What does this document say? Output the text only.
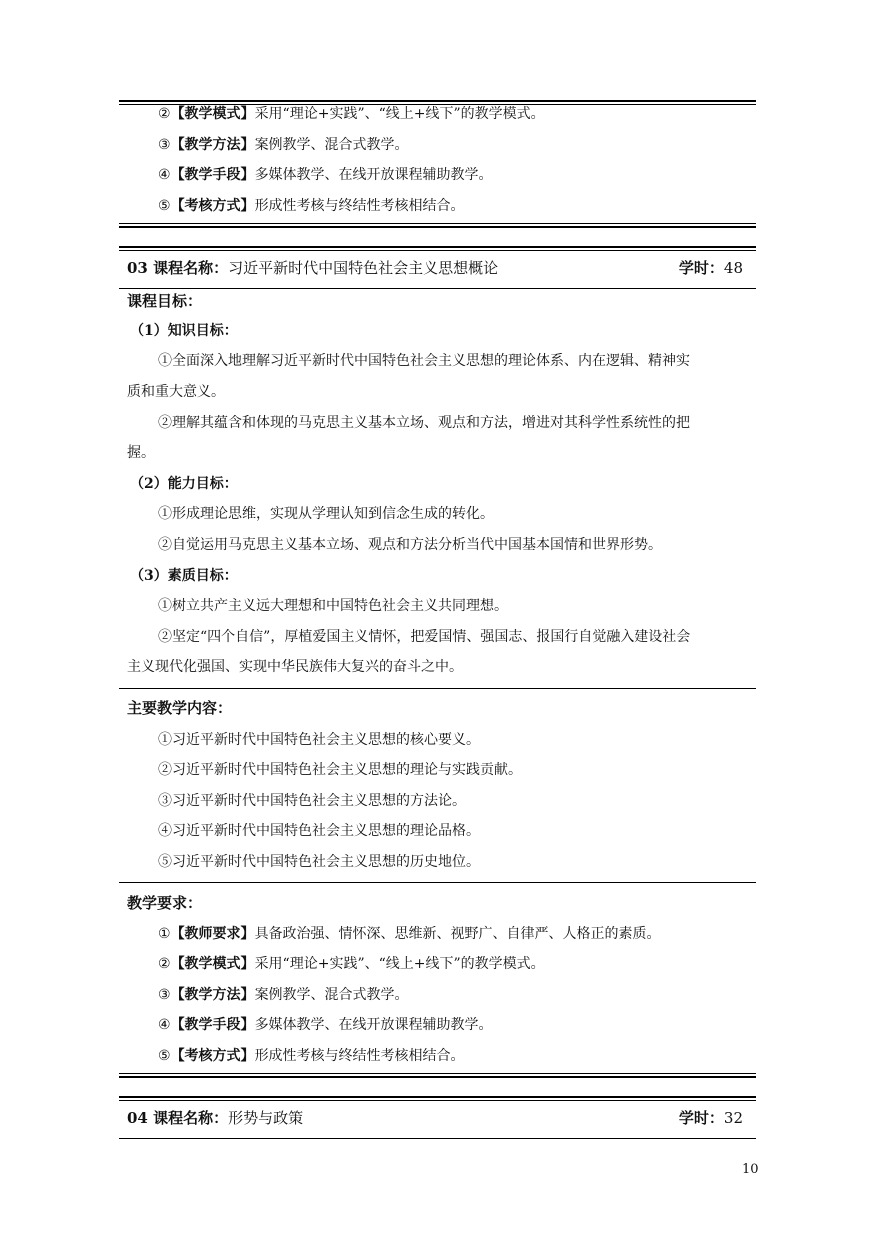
②【教学模式】采用“理论+实践”、“线上+线下”的教学模式。
③【教学方法】案例教学、混合式教学。
④【教学手段】多媒体教学、在线开放课程辅助教学。
⑤【考核方式】形成性考核与终结性考核相结合。
03 课程名称：习近平新时代中国特色社会主义思想概论	学时：48
课程目标：
（1）知识目标：
①全面深入地理解习近平新时代中国特色社会主义思想的理论体系、内在逻辑、精神实
质和重大意义。
②理解其蕴含和体现的马克思主义基本立场、观点和方法，增进对其科学性系统性的把
握。
（2）能力目标：
①形成理论思维，实现从学理认知到信念生成的转化。
②自觉运用马克思主义基本立场、观点和方法分析当代中国基本国情和世界形势。
（3）素质目标：
①树立共产主义远大理想和中国特色社会主义共同理想。
②坚定“四个自信”，厚植爱国主义情怀，把爱国情、强国志、报国行自觉融入建设社会
主义现代化强国、实现中华民族伟大复兴的奋斗之中。
主要教学内容：
①习近平新时代中国特色社会主义思想的核心要义。
②习近平新时代中国特色社会主义思想的理论与实践贡献。
③习近平新时代中国特色社会主义思想的方法论。
④习近平新时代中国特色社会主义思想的理论品格。
⑤习近平新时代中国特色社会主义思想的历史地位。
教学要求：
①【教师要求】具备政治强、情怀深、思维新、视野广、自律严、人格正的素质。
②【教学模式】采用“理论+实践”、“线上+线下”的教学模式。
③【教学方法】案例教学、混合式教学。
④【教学手段】多媒体教学、在线开放课程辅助教学。
⑤【考核方式】形成性考核与终结性考核相结合。
04 课程名称：形势与政策	学时：32
10
